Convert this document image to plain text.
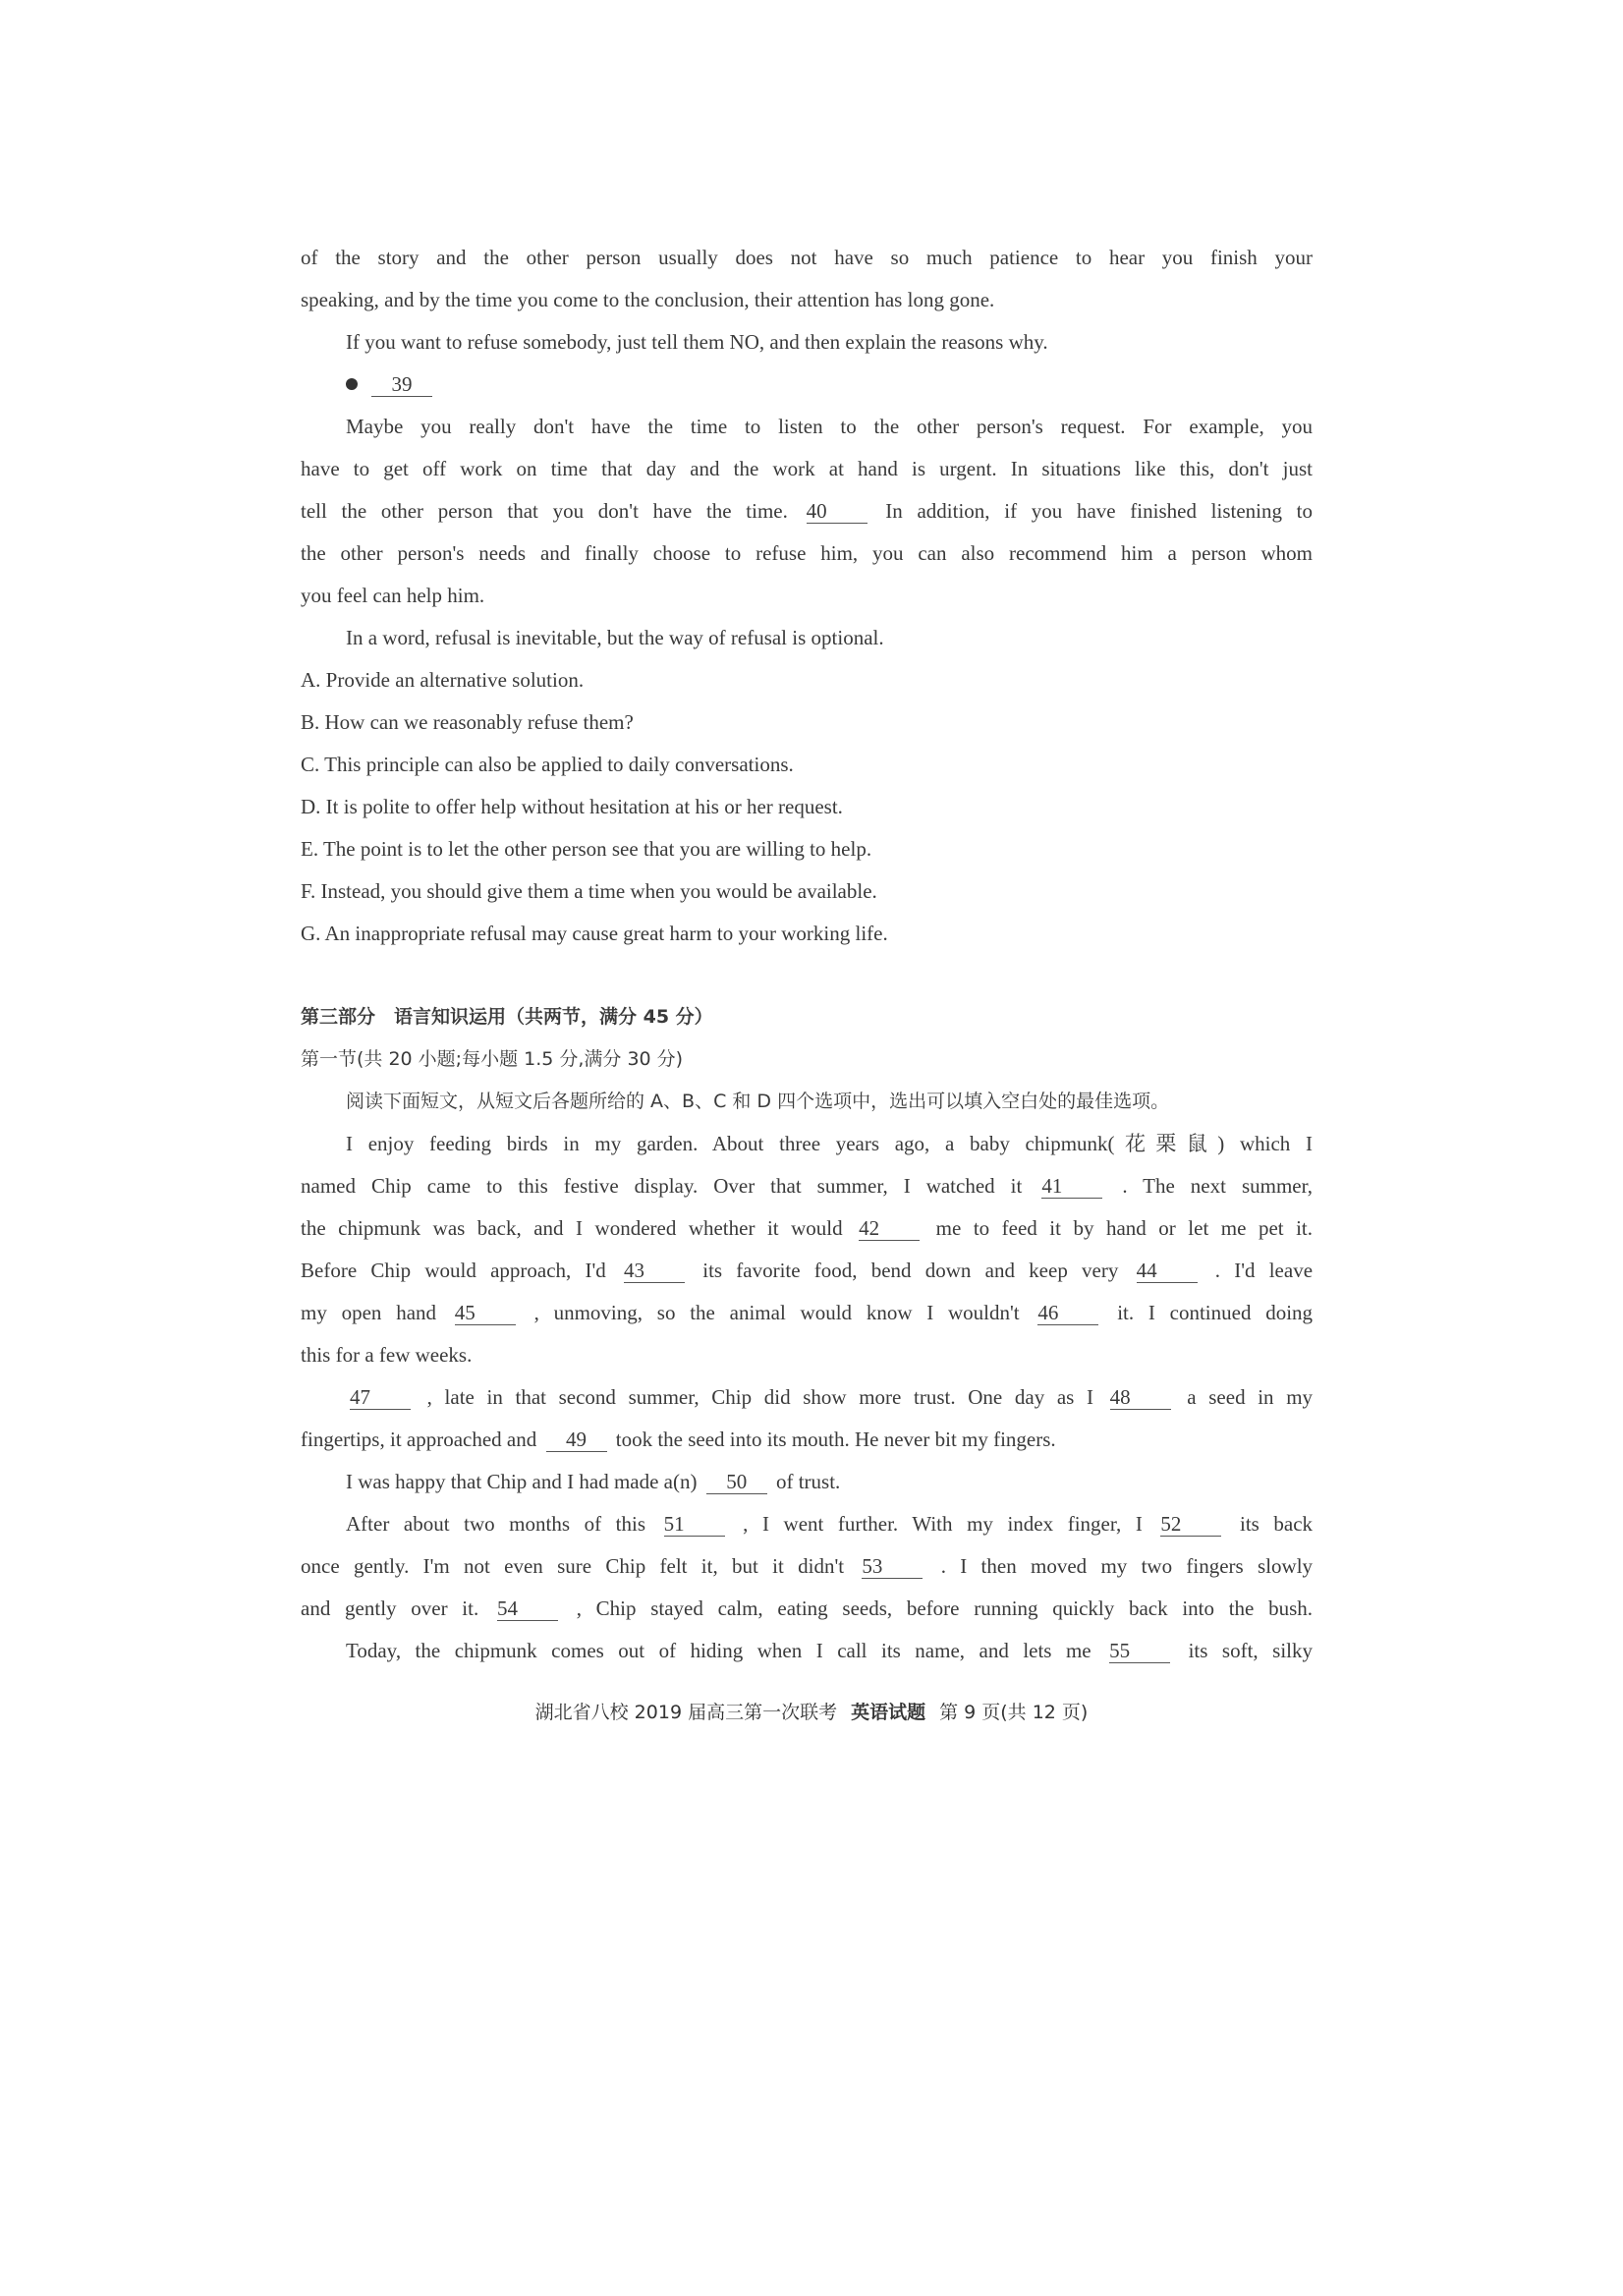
of the story and the other person usually does not have so much patience to hear you finish your
speaking, and by the time you come to the conclusion, their attention has long gone.
If you want to refuse somebody, just tell them NO, and then explain the reasons why.
39
Maybe you really don't have the time to listen to the other person's request. For example, you
have to get off work on time that day and the work at hand is urgent. In situations like this, don't just
tell the other person that you don't have the time. 40	In addition, if you have finished listening to
the other person's needs and finally choose to refuse him, you can also recommend him a person whom
you feel can help him.
In a word, refusal is inevitable, but the way of refusal is optional.
A. Provide an alternative solution.
B. How can we reasonably refuse them?
C. This principle can also be applied to daily conversations.
D. It is polite to offer help without hesitation at his or her request.
E. The point is to let the other person see that you are willing to help.
F. Instead, you should give them a time when you would be available.
G. An inappropriate refusal may cause great harm to your working life.
第三部分　语言知识运用（共两节，满分 45 分）
第一节(共 20 小题;每小题 1.5 分,满分 30 分)
阅读下面短文，从短文后各题所给的 A、B、C 和 D 四个选项中，选出可以填入空白处的最佳选项。
I enjoy feeding birds in my garden. About three years ago, a baby chipmunk(花栗鼠) which I
named Chip came to this festive display. Over that summer, I watched it 41	. The next summer,
the chipmunk was back, and I wondered whether it would 42	me to feed it by hand or let me pet it.
Before Chip would approach, I'd 43	its favorite food, bend down and keep very 44	. I'd leave
my open hand 45	, unmoving, so the animal would know I wouldn't 46	it. I continued doing
this for a few weeks.
47	, late in that second summer, Chip did show more trust. One day as I 48	a seed in my
fingertips, it approached and 49 took the seed into its mouth. He never bit my fingers.
I was happy that Chip and I had made a(n) 50 of trust.
After about two months of this 51	, I went further. With my index finger, I 52	its back
once gently. I'm not even sure Chip felt it, but it didn't 53	. I then moved my two fingers slowly
and gently over it. 54	, Chip stayed calm, eating seeds, before running quickly back into the bush.
Today, the chipmunk comes out of hiding when I call its name, and lets me 55	its soft, silky
湖北省八校 2019 届高三第一次联考 英语试题 第 9 页(共 12 页)
